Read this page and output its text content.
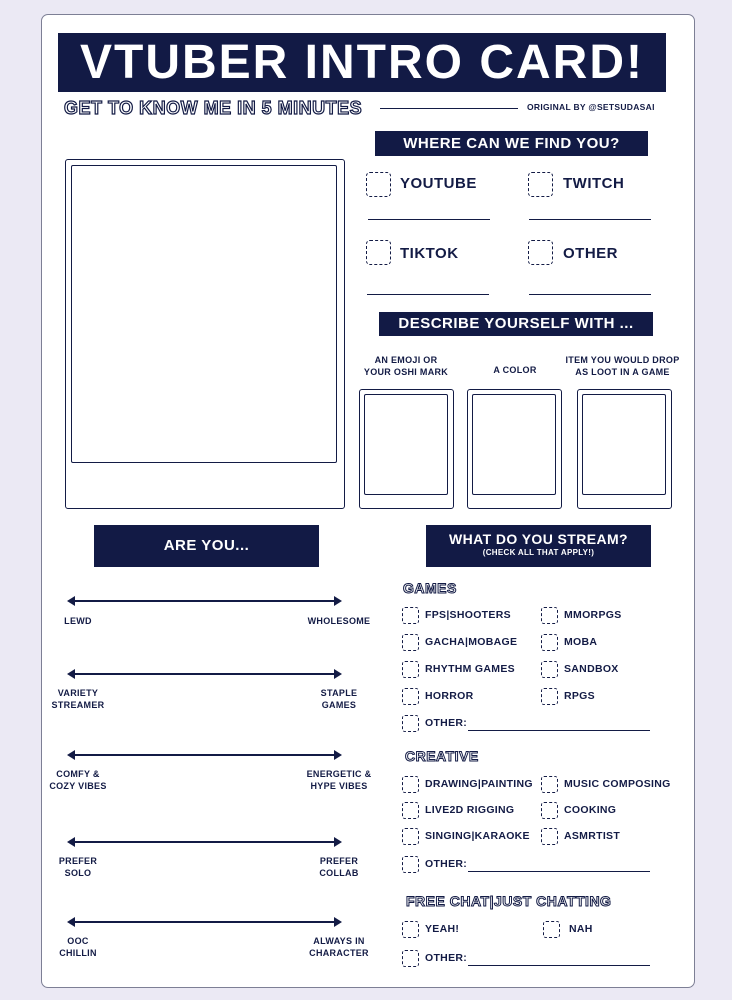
VTUBER INTRO CARD!
GET TO KNOW ME IN 5 MINUTES	ORIGINAL BY @SETSUDASAI
WHERE CAN WE FIND YOU?
YOUTUBE	TWITCH
TIKTOK	OTHER
DESCRIBE YOURSELF WITH ...
AN EMOJI OR
YOUR OSHI MARK	A COLOR
ITEM YOU WOULD DROP
AS LOOT IN A GAME
ARE YOU...
LEWD	WHOLESOME
VARIETY
STREAMER
STAPLE
GAMES
COMFY &
COZY VIBES
ENERGETIC &
HYPE VIBES
PREFER
SOLO
PREFER
COLLAB
OOC
CHILLIN
ALWAYS IN
CHARACTER
WHAT DO YOU STREAM?
(CHECK ALL THAT APPLY!)
GAMES
FPS|SHOOTERS	MMORPGS
GACHA|MOBAGE	MOBA
RHYTHM GAMES	SANDBOX
HORROR	RPGS
OTHER:
CREATIVE
DRAWING|PAINTING	MUSIC COMPOSING
LIVE2D RIGGING	COOKING
SINGING|KARAOKE	ASMRTIST
OTHER:
FREE CHAT|JUST CHATTING
YEAH!	NAH
OTHER:
